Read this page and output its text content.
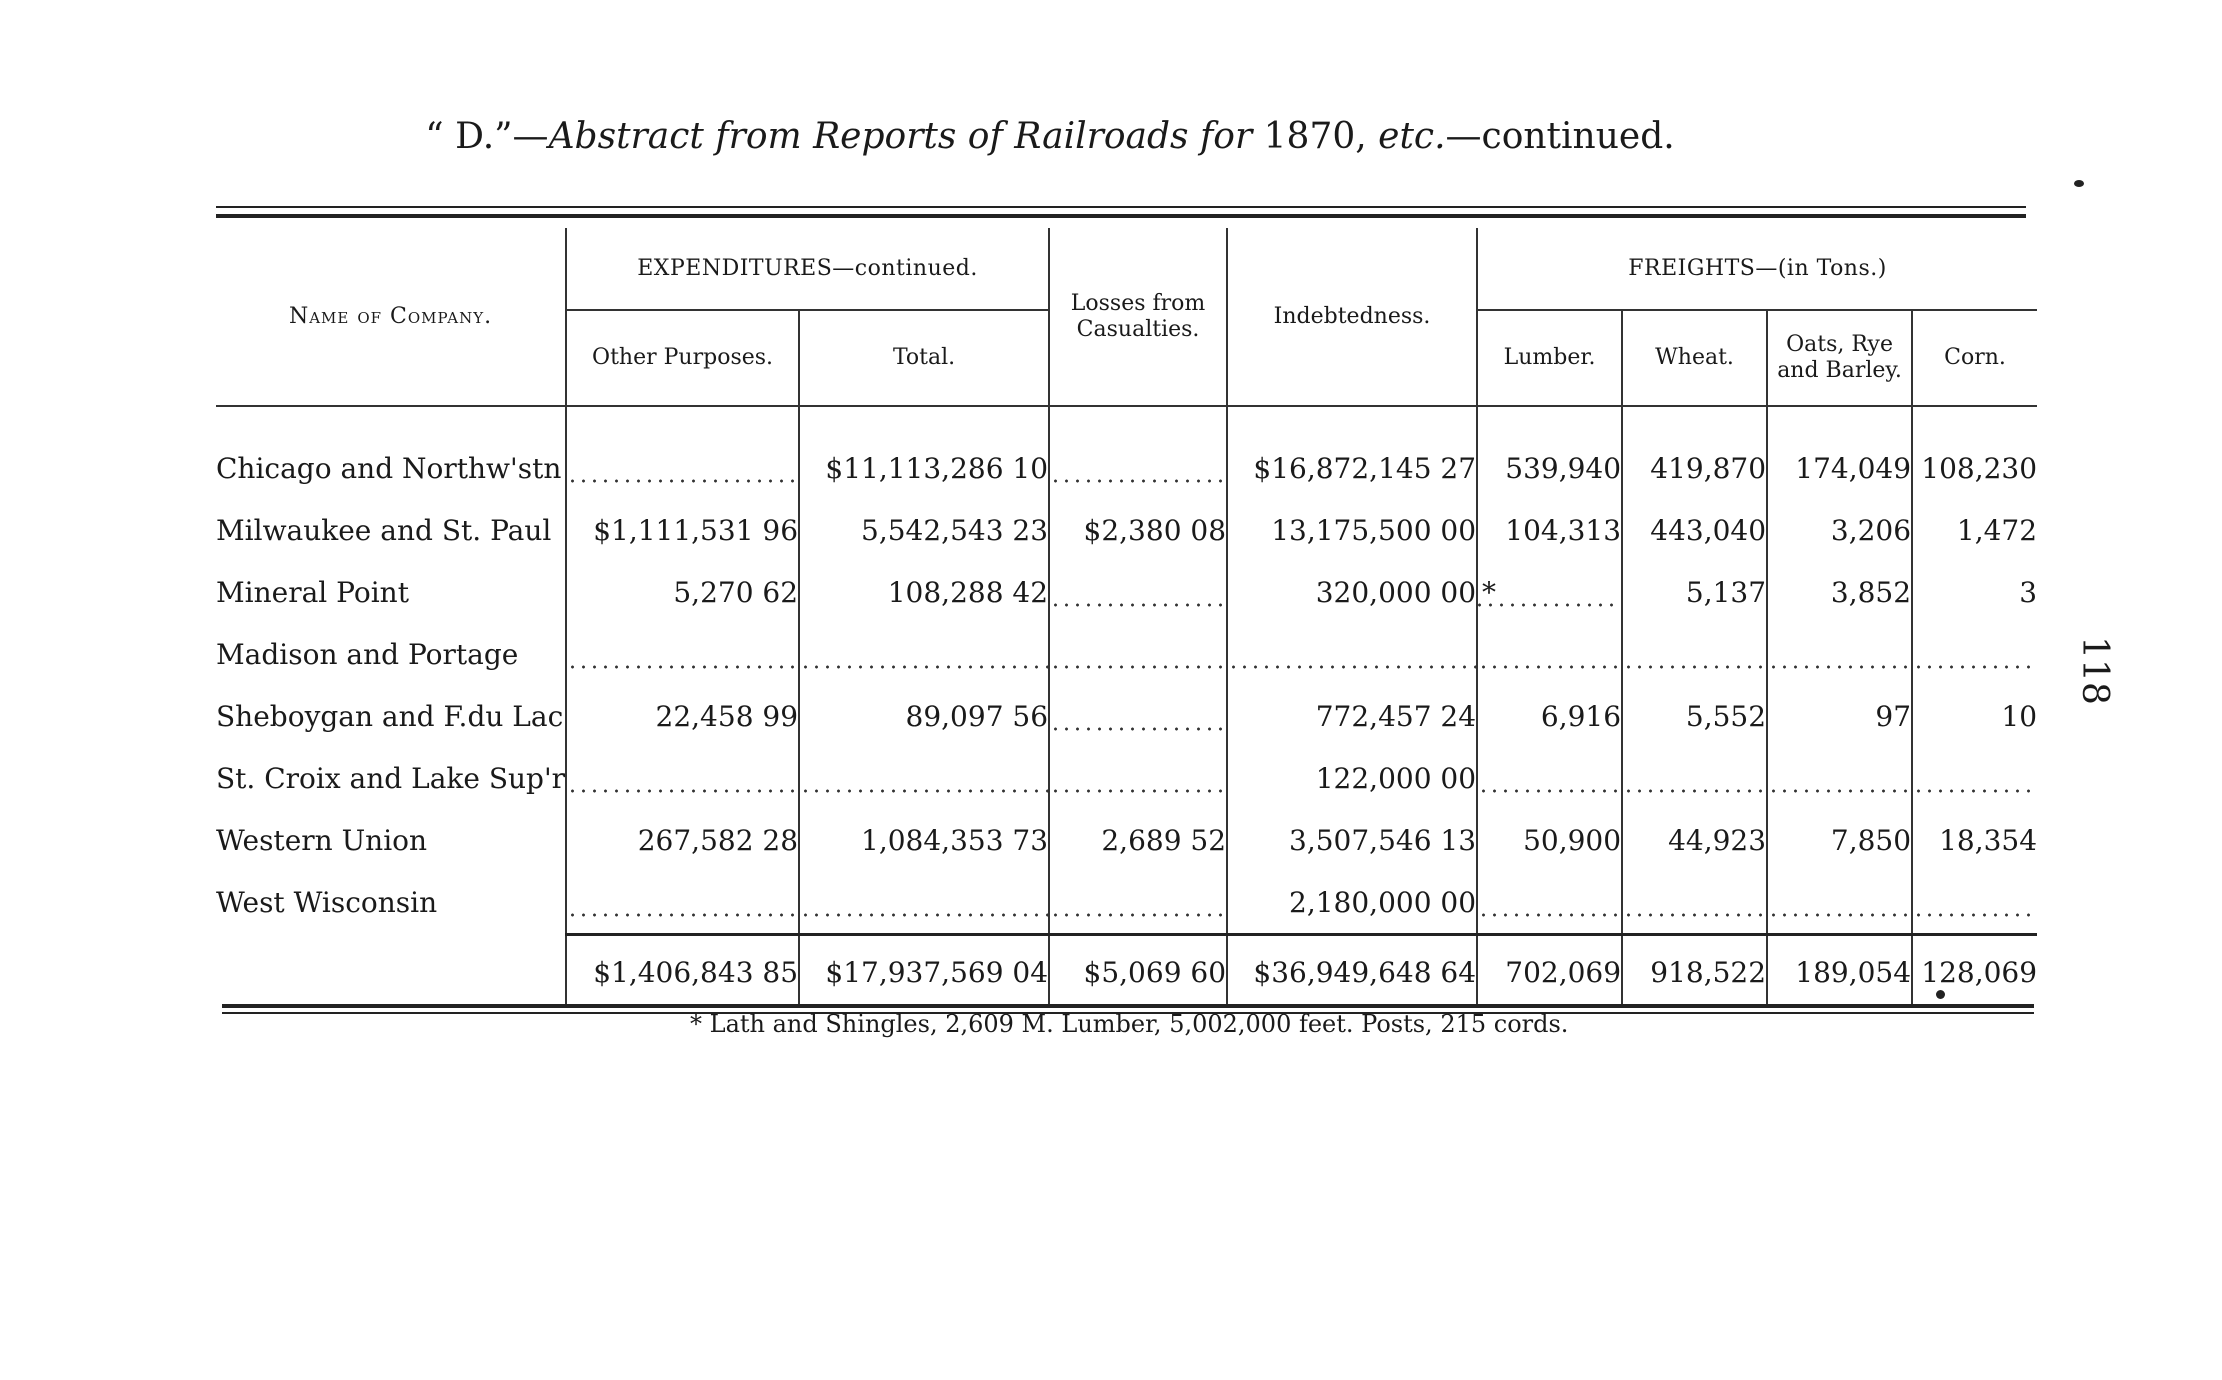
“ D.”—Abstract from Reports of Railroads for 1870, etc.—continued.
Name of Company.	EXPENDITURES—continued.		Losses from
Casualties.	Indebtedness.	FREIGHTS—(in Tons.)			
	Other Purposes.	Total.			Lumber.	Wheat.	Oats, Rye
and Barley.	Corn.

Chicago and Northw'stn		$11,113,286 10		$16,872,145 27	539,940	419,870	174,049	108,230
Milwaukee and St. Paul	$1,111,531 96	5,542,543 23	$2,380 08	13,175,500 00	104,313	443,040	3,206	1,472
Mineral Point	5,270 62	108,288 42		320,000 00	*	5,137	3,852	3
Madison and Portage								
Sheboygan and F.du Lac	22,458 99	89,097 56		772,457 24	6,916	5,552	97	10
St. Croix and Lake Sup'r				122,000 00				
Western Union	267,582 28	1,084,353 73	2,689 52	3,507,546 13	50,900	44,923	7,850	18,354
West Wisconsin				2,180,000 00				
	$1,406,843 85	$17,937,569 04	$5,069 60	$36,949,648 64	702,069	918,522	189,054	128,069
* Lath and Shingles, 2,609 M. Lumber, 5,002,000 feet. Posts, 215 cords.
118
